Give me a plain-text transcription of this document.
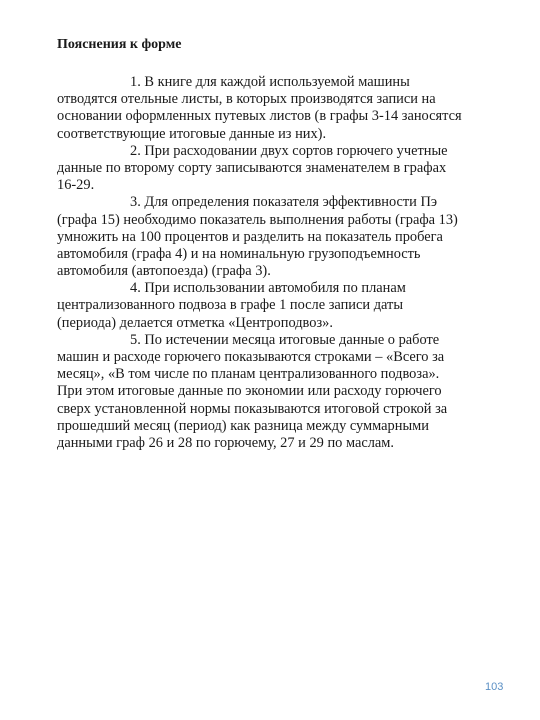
Пояснения к форме
1. В книге для каждой используемой машины
отводятся отельные листы, в которых производятся записи на
основании оформленных путевых листов (в графы 3-14 заносятся
соответствующие итоговые данные из них).
2. При расходовании двух сортов горючего учетные
данные по второму сорту записываются знаменателем в графах
16-29.
3. Для определения показателя эффективности Пэ
(графа 15) необходимо показатель выполнения работы (графа 13)
умножить на 100 процентов и разделить на показатель пробега
автомобиля (графа 4) и на номинальную грузоподъемность
автомобиля (автопоезда) (графа 3).
4. При использовании автомобиля по планам
централизованного подвоза в графе 1 после записи даты
(периода) делается отметка «Центроподвоз».
5. По истечении месяца итоговые данные о работе
машин и расходе горючего показываются строками – «Всего за
месяц», «В том числе по планам централизованного подвоза».
При этом итоговые данные по экономии или расходу горючего
сверх установленной нормы показываются итоговой строкой за
прошедший месяц (период) как разница между суммарными
данными граф 26 и 28 по горючему, 27 и 29 по маслам.
103
